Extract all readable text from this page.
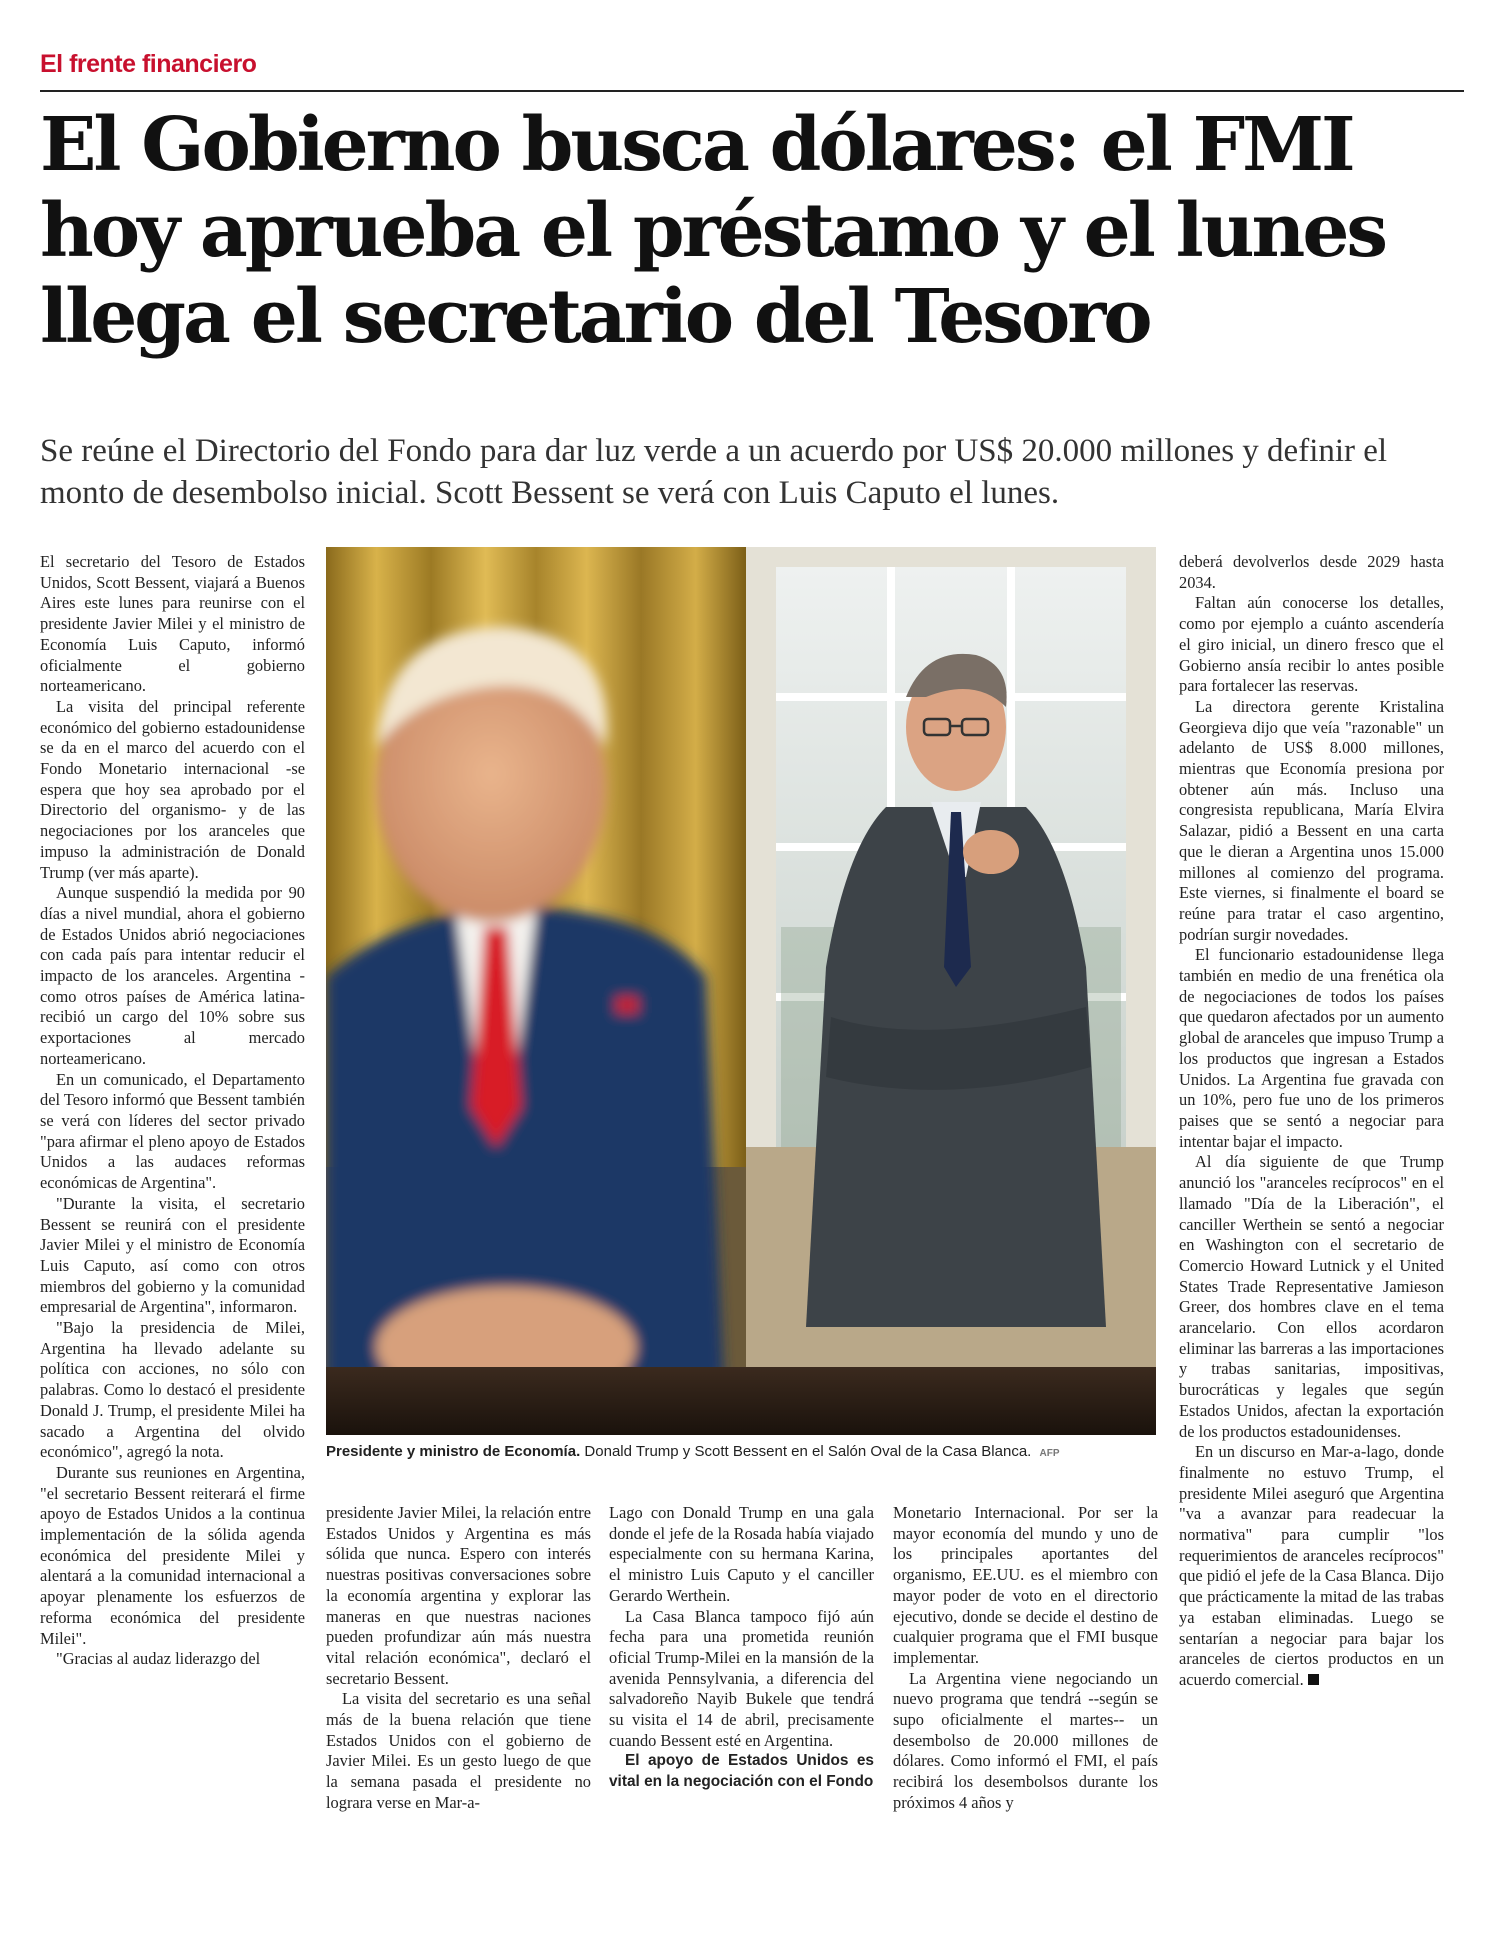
El frente financiero
El Gobierno busca dólares: el FMI hoy aprueba el préstamo y el lunes llega el secretario del Tesoro
Se reúne el Directorio del Fondo para dar luz verde a un acuerdo por US$ 20.000 millones y definir el monto de desembolso inicial. Scott Bessent se verá con Luis Caputo el lunes.

El secretario del Tesoro de Estados Unidos, Scott Bessent, viajará a Buenos Aires este lunes para reunirse con el presidente Javier Milei y el ministro de Economía Luis Caputo, informó oficialmente el gobierno norteamericano.

La visita del principal referente económico del gobierno estadounidense se da en el marco del acuerdo con el Fondo Monetario internacional -se espera que hoy sea aprobado por el Directorio del organismo- y de las negociaciones por los aranceles que impuso la administración de Donald Trump (ver más aparte).

Aunque suspendió la medida por 90 días a nivel mundial, ahora el gobierno de Estados Unidos abrió negociaciones con cada país para intentar reducir el impacto de los aranceles. Argentina -como otros países de América latina- recibió un cargo del 10% sobre sus exportaciones al mercado norteamericano.

En un comunicado, el Departamento del Tesoro informó que Bessent también se verá con líderes del sector privado "para afirmar el pleno apoyo de Estados Unidos a las audaces reformas económicas de Argentina".

"Durante la visita, el secretario Bessent se reunirá con el presidente Javier Milei y el ministro de Economía Luis Caputo, así como con otros miembros del gobierno y la comunidad empresarial de Argentina", informaron.

"Bajo la presidencia de Milei, Argentina ha llevado adelante su política con acciones, no sólo con palabras. Como lo destacó el presidente Donald J. Trump, el presidente Milei ha sacado a Argentina del olvido económico", agregó la nota.

Durante sus reuniones en Argentina, "el secretario Bessent reiterará el firme apoyo de Estados Unidos a la continua implementación de la sólida agenda económica del presidente Milei y alentará a la comunidad internacional a apoyar plenamente los esfuerzos de reforma económica del presidente Milei".

"Gracias al audaz liderazgo del

Presidente y ministro de Economía. Donald Trump y Scott Bessent en el Salón Oval de la Casa Blanca. AFP

presidente Javier Milei, la relación entre Estados Unidos y Argentina es más sólida que nunca. Espero con interés nuestras positivas conversaciones sobre la economía argentina y explorar las maneras en que nuestras naciones pueden profundizar aún más nuestra vital relación económica", declaró el secretario Bessent.

La visita del secretario es una señal más de la buena relación que tiene Estados Unidos con el gobierno de Javier Milei. Es un gesto luego de que la semana pasada el presidente no lograra verse en Mar-a-

Lago con Donald Trump en una gala donde el jefe de la Rosada había viajado especialmente con su hermana Karina, el ministro Luis Caputo y el canciller Gerardo Werthein.

La Casa Blanca tampoco fijó aún fecha para una prometida reunión oficial Trump-Milei en la mansión de la avenida Pennsylvania, a diferencia del salvadoreño Nayib Bukele que tendrá su visita el 14 de abril, precisamente cuando Bessent esté en Argentina.

El apoyo de Estados Unidos es vital en la negociación con el Fondo

Monetario Internacional. Por ser la mayor economía del mundo y uno de los principales aportantes del organismo, EE.UU. es el miembro con mayor poder de voto en el directorio ejecutivo, donde se decide el destino de cualquier programa que el FMI busque implementar.

La Argentina viene negociando un nuevo programa que tendrá --según se supo oficialmente el martes-- un desembolso de 20.000 millones de dólares. Como informó el FMI, el país recibirá los desembolsos durante los próximos 4 años y

deberá devolverlos desde 2029 hasta 2034.

Faltan aún conocerse los detalles, como por ejemplo a cuánto ascendería el giro inicial, un dinero fresco que el Gobierno ansía recibir lo antes posible para fortalecer las reservas.

La directora gerente Kristalina Georgieva dijo que veía "razonable" un adelanto de US$ 8.000 millones, mientras que Economía presiona por obtener aún más. Incluso una congresista republicana, María Elvira Salazar, pidió a Bessent en una carta que le dieran a Argentina unos 15.000 millones al comienzo del programa. Este viernes, si finalmente el board se reúne para tratar el caso argentino, podrían surgir novedades.

El funcionario estadounidense llega también en medio de una frenética ola de negociaciones de todos los países que quedaron afectados por un aumento global de aranceles que impuso Trump a los productos que ingresan a Estados Unidos. La Argentina fue gravada con un 10%, pero fue uno de los primeros paises que se sentó a negociar para intentar bajar el impacto.

Al día siguiente de que Trump anunció los "aranceles recíprocos" en el llamado "Día de la Liberación", el canciller Werthein se sentó a negociar en Washington con el secretario de Comercio Howard Lutnick y el United States Trade Representative Jamieson Greer, dos hombres clave en el tema arancelario. Con ellos acordaron eliminar las barreras a las importaciones y trabas sanitarias, impositivas, burocráticas y legales que según Estados Unidos, afectan la exportación de los productos estadounidenses.

En un discurso en Mar-a-lago, donde finalmente no estuvo Trump, el presidente Milei aseguró que Argentina "va a avanzar para readecuar la normativa" para cumplir "los requerimientos de aranceles recíprocos" que pidió el jefe de la Casa Blanca. Dijo que prácticamente la mitad de las trabas ya estaban eliminadas. Luego se sentarían a negociar para bajar los aranceles de ciertos productos en un acuerdo comercial.
